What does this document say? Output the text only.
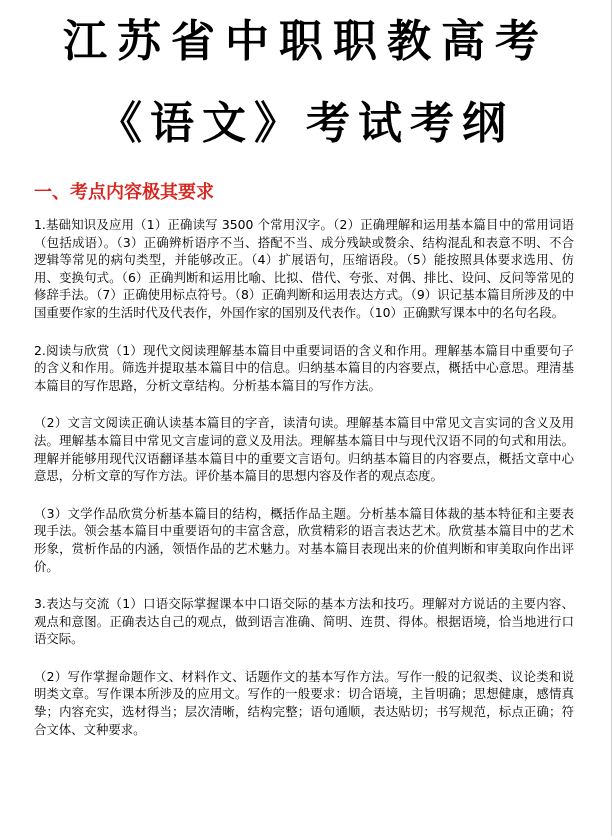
江苏省中职职教高考
《语文》考试考纲
一、考点内容极其要求

1.基础知识及应用（1）正确读写 3500 个常用汉字。（2）正确理解和运用基本篇目中的常用词语（包括成语）。（3）正确辨析语序不当、搭配不当、成分残缺或赘余、结构混乱和表意不明、不合逻辑等常见的病句类型，并能够改正。（4）扩展语句，压缩语段。（5）能按照具体要求选用、仿用、变换句式。（6）正确判断和运用比喻、比拟、借代、夸张、对偶、排比、设问、反问等常见的修辞手法。（7）正确使用标点符号。（8）正确判断和运用表达方式。（9）识记基本篇目所涉及的中国重要作家的生活时代及代表作，外国作家的国别及代表作。（10）正确默写课本中的名句名段。

2.阅读与欣赏（1）现代文阅读理解基本篇目中重要词语的含义和作用。理解基本篇目中重要句子的含义和作用。筛选并提取基本篇目中的信息。归纳基本篇目的内容要点，概括中心意思。理清基本篇目的写作思路，分析文章结构。分析基本篇目的写作方法。

（2）文言文阅读正确认读基本篇目的字音，读清句读。理解基本篇目中常见文言实词的含义及用法。理解基本篇目中常见文言虚词的意义及用法。理解基本篇目中与现代汉语不同的句式和用法。理解并能够用现代汉语翻译基本篇目中的重要文言语句。归纳基本篇目的内容要点，概括文章中心意思，分析文章的写作方法。评价基本篇目的思想内容及作者的观点态度。

（3）文学作品欣赏分析基本篇目的结构，概括作品主题。分析基本篇目体裁的基本特征和主要表现手法。领会基本篇目中重要语句的丰富含意，欣赏精彩的语言表达艺术。欣赏基本篇目中的艺术形象，赏析作品的内涵，领悟作品的艺术魅力。对基本篇目表现出来的价值判断和审美取向作出评价。

3.表达与交流（1）口语交际掌握课本中口语交际的基本方法和技巧。理解对方说话的主要内容、观点和意图。正确表达自己的观点，做到语言准确、简明、连贯、得体。根据语境，恰当地进行口语交际。

（2）写作掌握命题作文、材料作文、话题作文的基本写作方法。写作一般的记叙类、议论类和说明类文章。写作课本所涉及的应用文。写作的一般要求：切合语境，主旨明确；思想健康，感情真挚；内容充实，选材得当；层次清晰，结构完整；语句通顺，表达贴切；书写规范，标点正确；符合文体、文种要求。
